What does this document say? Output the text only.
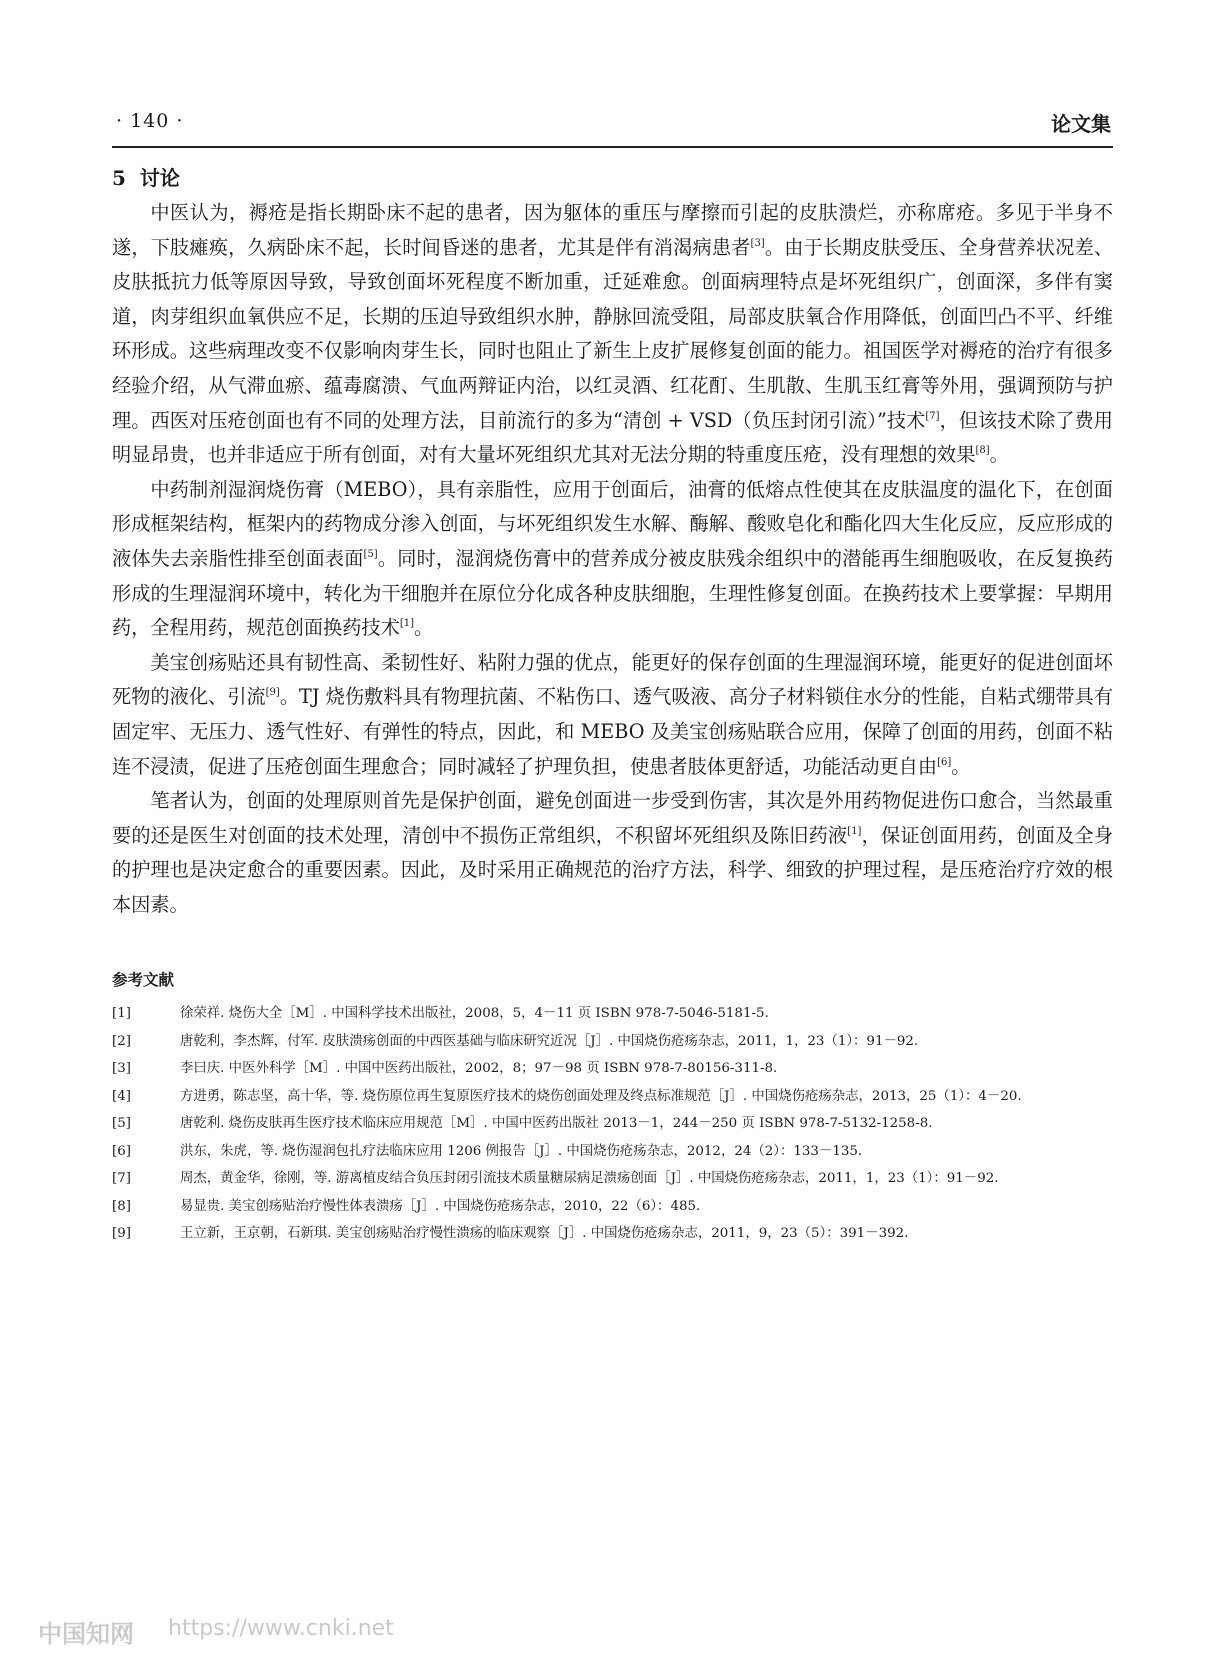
· 140 ·	论文集
5 讨论

中医认为，褥疮是指长期卧床不起的患者，因为躯体的重压与摩擦而引起的皮肤溃烂，亦称席疮。多见于半身不遂，下肢瘫痪，久病卧床不起，长时间昏迷的患者，尤其是伴有消渴病患者[3]。由于长期皮肤受压、全身营养状况差、皮肤抵抗力低等原因导致，导致创面坏死程度不断加重，迁延难愈。创面病理特点是坏死组织广，创面深，多伴有窦道，肉芽组织血氧供应不足，长期的压迫导致组织水肿，静脉回流受阻，局部皮肤氧合作用降低，创面凹凸不平、纤维环形成。这些病理改变不仅影响肉芽生长，同时也阻止了新生上皮扩展修复创面的能力。祖国医学对褥疮的治疗有很多经验介绍，从气滞血瘀、蕴毒腐溃、气血两辩证内治，以红灵酒、红花酊、生肌散、生肌玉红膏等外用，强调预防与护理。西医对压疮创面也有不同的处理方法，目前流行的多为“清创 + VSD（负压封闭引流）”技术[7]，但该技术除了费用明显昂贵，也并非适应于所有创面，对有大量坏死组织尤其对无法分期的特重度压疮，没有理想的效果[8]。

中药制剂湿润烧伤膏（MEBO），具有亲脂性，应用于创面后，油膏的低熔点性使其在皮肤温度的温化下，在创面形成框架结构，框架内的药物成分渗入创面，与坏死组织发生水解、酶解、酸败皂化和酯化四大生化反应，反应形成的液体失去亲脂性排至创面表面[5]。同时，湿润烧伤膏中的营养成分被皮肤残余组织中的潜能再生细胞吸收，在反复换药形成的生理湿润环境中，转化为干细胞并在原位分化成各种皮肤细胞，生理性修复创面。在换药技术上要掌握：早期用药，全程用药，规范创面换药技术[1]。

美宝创疡贴还具有韧性高、柔韧性好、粘附力强的优点，能更好的保存创面的生理湿润环境，能更好的促进创面坏死物的液化、引流[9]。TJ 烧伤敷料具有物理抗菌、不粘伤口、透气吸液、高分子材料锁住水分的性能，自粘式绷带具有固定牢、无压力、透气性好、有弹性的特点，因此，和 MEBO 及美宝创疡贴联合应用，保障了创面的用药，创面不粘连不浸渍，促进了压疮创面生理愈合；同时减轻了护理负担，使患者肢体更舒适，功能活动更自由[6]。

笔者认为，创面的处理原则首先是保护创面，避免创面进一步受到伤害，其次是外用药物促进伤口愈合，当然最重要的还是医生对创面的技术处理，清创中不损伤正常组织，不积留坏死组织及陈旧药液[1]，保证创面用药，创面及全身的护理也是决定愈合的重要因素。因此，及时采用正确规范的治疗方法，科学、细致的护理过程，是压疮治疗疗效的根本因素。

参考文献
[1]	徐荣祥. 烧伤大全［M］. 中国科学技术出版社，2008，5，4－11 页 ISBN 978-7-5046-5181-5.
[2]	唐乾利，李杰辉，付军. 皮肤溃疡创面的中西医基础与临床研究近况［J］. 中国烧伤疮疡杂志，2011，1，23（1）：91－92.
[3]	李曰庆. 中医外科学［M］. 中国中医药出版社，2002，8；97－98 页 ISBN 978-7-80156-311-8.
[4]	方进勇，陈志坚，高十华，等. 烧伤原位再生复原医疗技术的烧伤创面处理及终点标准规范［J］. 中国烧伤疮疡杂志，2013，25（1）：4－20.
[5]	唐乾利. 烧伤皮肤再生医疗技术临床应用规范［M］. 中国中医药出版社 2013－1，244－250 页 ISBN 978-7-5132-1258-8.
[6]	洪东，朱虎，等. 烧伤湿润包扎疗法临床应用 1206 例报告［J］. 中国烧伤疮疡杂志，2012，24（2）：133－135.
[7]	周杰，黄金华，徐刚，等. 游离植皮结合负压封闭引流技术质量糖尿病足溃疡创面［J］. 中国烧伤疮疡杂志，2011，1，23（1）：91－92.
[8]	易显贵. 美宝创疡贴治疗慢性体表溃疡［J］. 中国烧伤疮疡杂志，2010，22（6）：485.
[9]	王立新，王京朝，石新琪. 美宝创疡贴治疗慢性溃疡的临床观察［J］. 中国烧伤疮疡杂志，2011，9，23（5）：391－392.
中国知网 https://www.cnki.net
